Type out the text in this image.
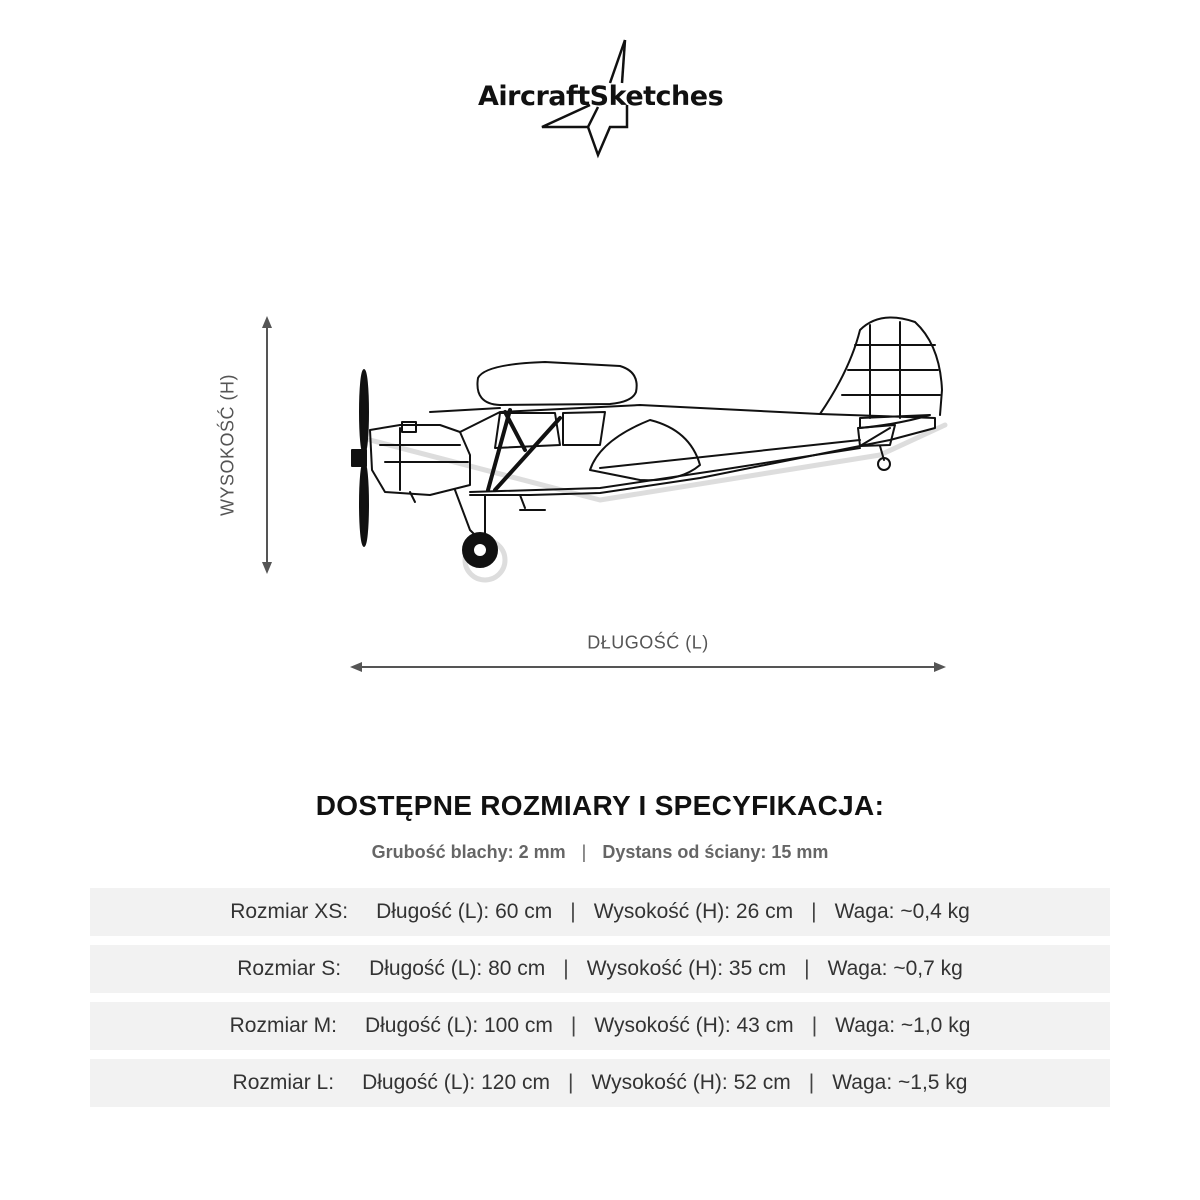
AircraftSketches
WYSOKOŚĆ (H)
DŁUGOŚĆ (L)
DOSTĘPNE ROZMIARY I SPECYFIKACJA:
Grubość blachy: 2 mm | Dystans od ściany: 15 mm
Rozmiar XS: Długość (L): 60 cm | Wysokość (H): 26 cm | Waga: ~0,4 kg
Rozmiar S: Długość (L): 80 cm | Wysokość (H): 35 cm | Waga: ~0,7 kg
Rozmiar M: Długość (L): 100 cm | Wysokość (H): 43 cm | Waga: ~1,0 kg
Rozmiar L: Długość (L): 120 cm | Wysokość (H): 52 cm | Waga: ~1,5 kg
